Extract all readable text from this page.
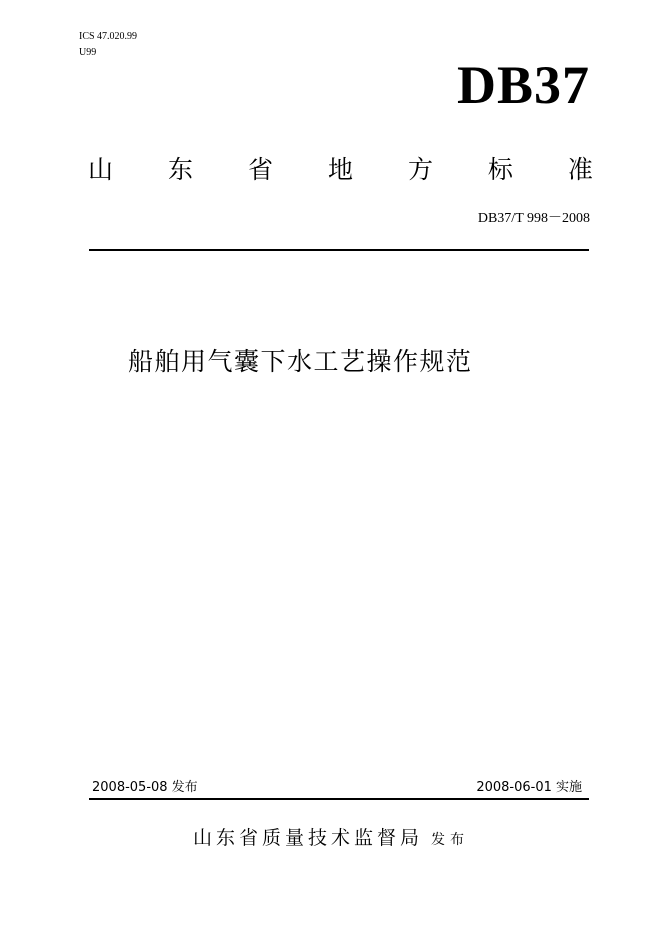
ICS 47.020.99
U99
DB37
山 东 省 地 方 标 准
DB37/T 998－2008
船舶用气囊下水工艺操作规范
2008-05-08 发布	2008-06-01 实施
山东省质量技术监督局 发布
